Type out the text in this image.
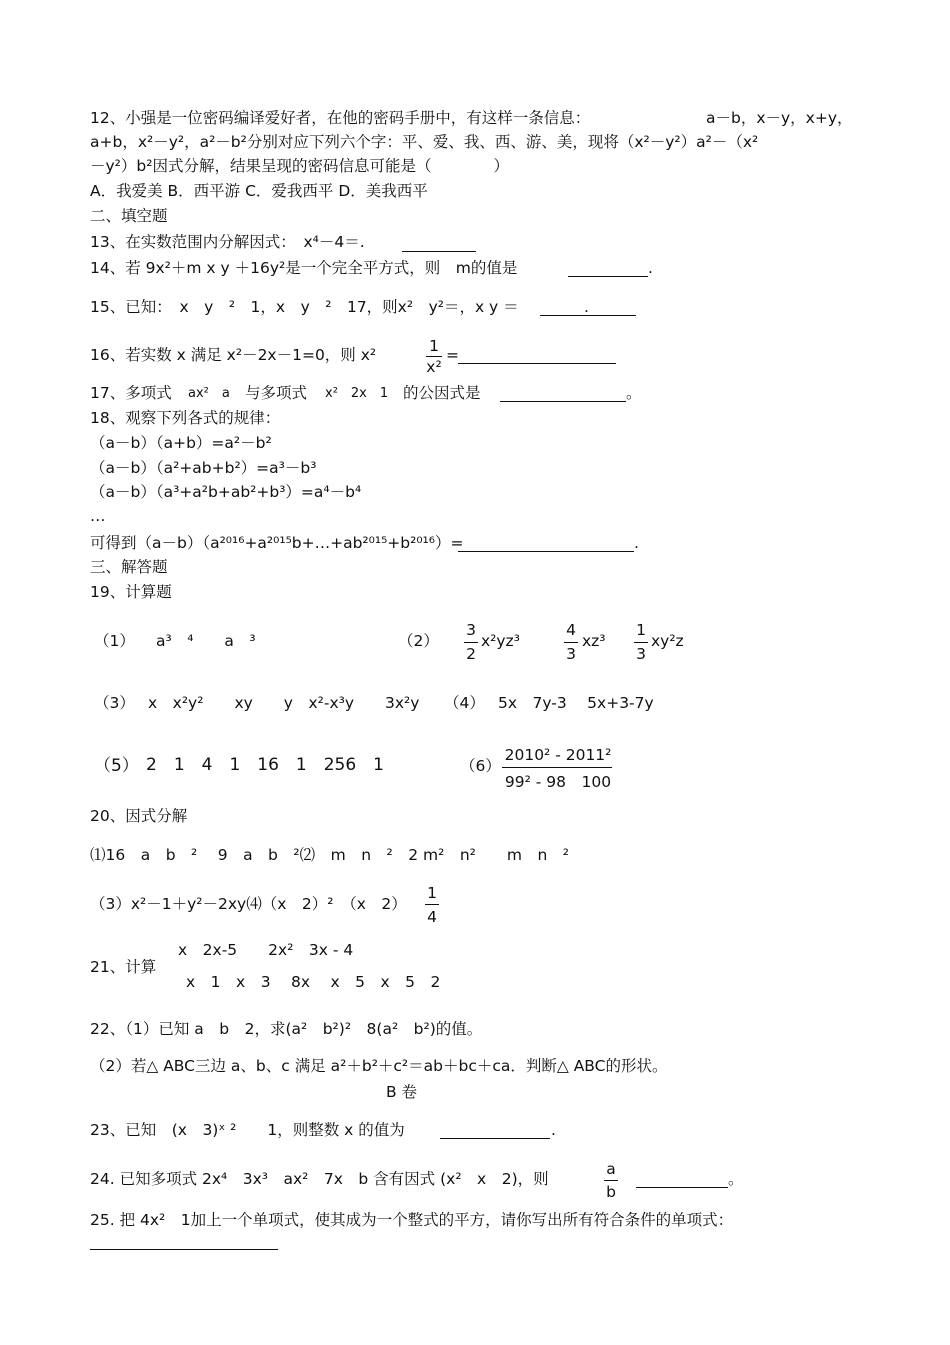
12、小强是一位密码编译爱好者，在他的密码手册中，有这样一条信息：	a－b，x－y，x+y，
a+b，x²－y²，a²－b²分别对应下列六个字：平、爱、我、西、游、美，现将（x²－y²）a²－（x²
－y²）b²因式分解，结果呈现的密码信息可能是（　　　　）
A．我爱美 B．西平游 C．爱我西平 D．美我西平
二、填空题
13、在实数范围内分解因式：　x⁴－4＝.
14、若 9x²＋m x y ＋16y²是一个完全平方式，则　m的值是	.
15、已知：　x　y　²　1，x　y　²　17，则x²　y²＝，x y ＝	.
16、若实数 x 满足 x²－2x－1=0，则 x²	1
x²
=
17、多项式 ax²　a 与多项式 x²　2x　1 的公因式是	。
18、观察下列各式的规律：
（a－b）（a+b）=a²－b²
（a－b）（a²+ab+b²）=a³－b³
（a－b）（a³+a²b+ab²+b³）=a⁴－b⁴
…
可得到（a－b）（a²⁰¹⁶+a²⁰¹⁵b+…+ab²⁰¹⁵+b²⁰¹⁶）=	.
三、解答题
19、计算题
（1） a³　⁴　　a　³	（2）
3
2
x²yz³
4
3
xz³
1
3
xy²z
（3） x　x²y²　　xy　　y　x²-x³y　　3x²y （4） 5x　7y-3　 5x+3-7y
（5） 2　1　4　1　16　1　256　1	（6）
2010² - 2011²
99² - 98　100
20、因式分解
⑴16　a　b　²　 9　a　b　²⑵　m　n　²　2 m²　n²　　m　n　²
（3）x²－1＋y²－2xy⑷（x　2）²　（x　2）
1
4
21、计算
x　2x-5　　2x²　3x - 4
x　1　x　3　 8x　 x　5　x　5　2
22、（1）已知 a　b　2，求(a²　b²)²　8(a²　b²)的值。
（2）若△ ABC三边 a、b、c 满足 a²＋b²＋c²＝ab＋bc＋ca．判断△ ABC的形状。
B 卷
23、已知　(x　3)ˣ ²　　1，则整数 x 的值为	.
24. 已知多项式 2x⁴　3x³　ax²　7x　b 含有因式 (x²　x　2)，则
a
b
。
25. 把 4x²　1加上一个单项式，使其成为一个整式的平方，请你写出所有符合条件的单项式：
